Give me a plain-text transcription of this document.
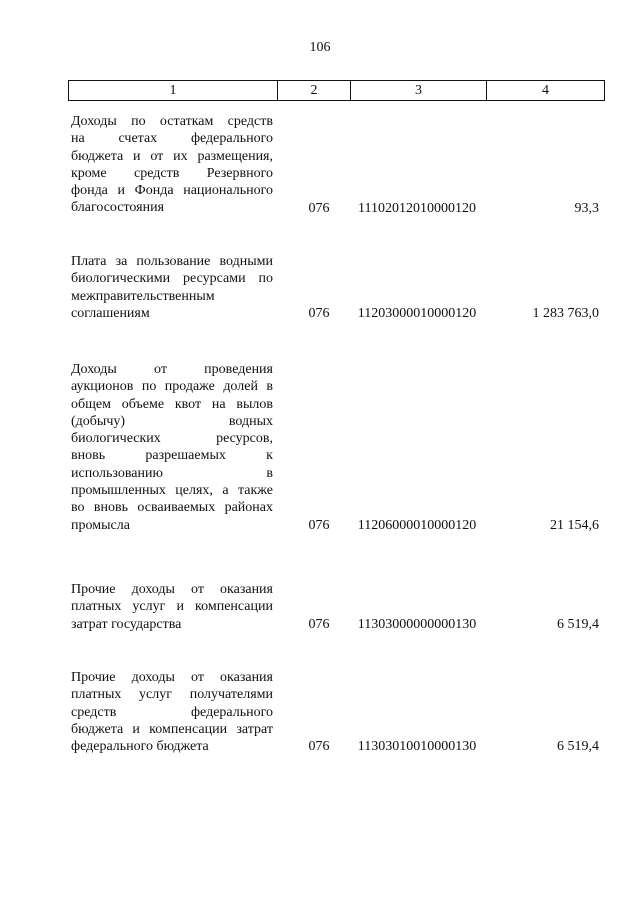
106
1	2	3	4
Доходы по остаткам средств
на счетах федерального
бюджета и от их размещения,
кроме средств Резервного
фонда и Фонда национального
благосостояния	076	11102012010000120	93,3
Плата за пользование водными
биологическими ресурсами по
межправительственным
соглашениям	076	11203000010000120	1 283 763,0
Доходы от проведения
аукционов по продаже долей в
общем объеме квот на вылов
(добычу) водных
биологических ресурсов,
вновь разрешаемых к
использованию в
промышленных целях, а также
во вновь осваиваемых районах
промысла	076	11206000010000120	21 154,6
Прочие доходы от оказания
платных услуг и компенсации
затрат государства	076	11303000000000130	6 519,4
Прочие доходы от оказания
платных услуг получателями
средств федерального
бюджета и компенсации затрат
федерального бюджета	076	11303010010000130	6 519,4
